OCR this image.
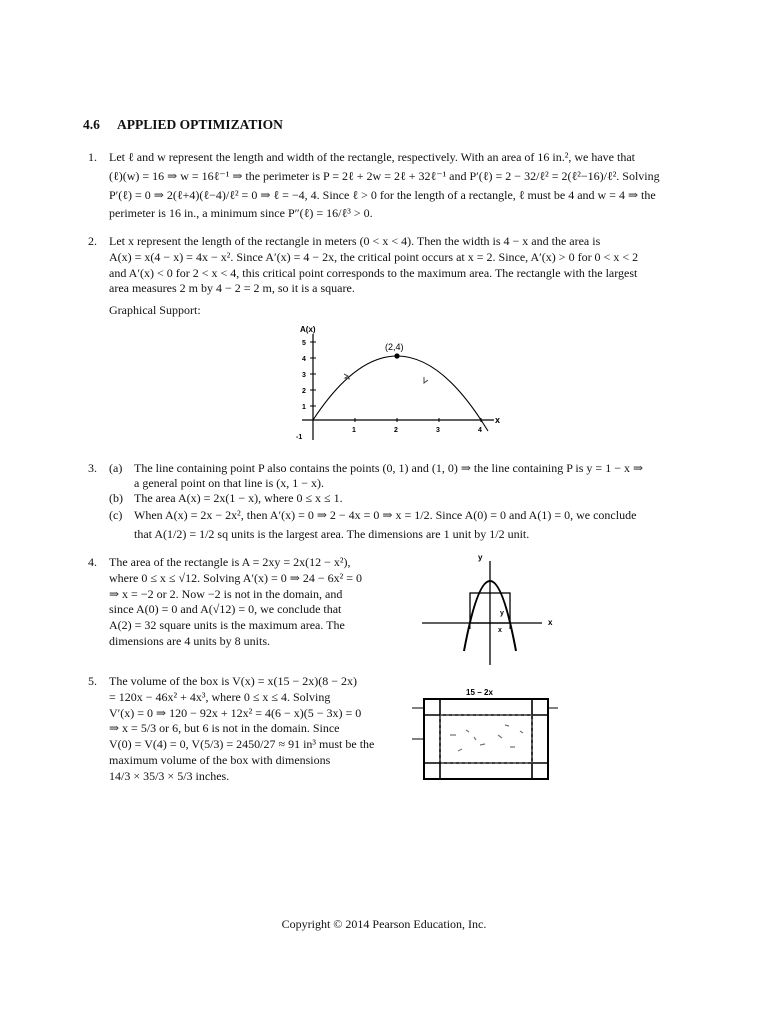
4.6 APPLIED OPTIMIZATION
1. Let ℓ and w represent the length and width of the rectangle, respectively. With an area of 16 in.², we have that
(ℓ)(w) = 16 ⇒ w = 16ℓ⁻¹ ⇒ the perimeter is P = 2ℓ + 2w = 2ℓ + 32ℓ⁻¹ and P′(ℓ) = 2 − 32/ℓ² = 2(ℓ²−16)/ℓ². Solving
P′(ℓ) = 0 ⇒ 2(ℓ+4)(ℓ−4)/ℓ² = 0 ⇒ ℓ = −4, 4. Since ℓ > 0 for the length of a rectangle, ℓ must be 4 and w = 4 ⇒ the
perimeter is 16 in., a minimum since P″(ℓ) = 16/ℓ³ > 0.
2. Let x represent the length of the rectangle in meters (0 < x < 4). Then the width is 4 − x and the area is
A(x) = x(4 − x) = 4x − x². Since A′(x) = 4 − 2x, the critical point occurs at x = 2. Since, A′(x) > 0 for 0 < x < 2
and A′(x) < 0 for 2 < x < 4, this critical point corresponds to the maximum area. The rectangle with the largest
area measures 2 m by 4 − 2 = 2 m, so it is a square.
Graphical Support:
A(x)
x
5
4
3
2
1
-1
1	2	3	4
(2,4)
3. (a) The line containing point P also contains the points (0, 1) and (1, 0) ⇒ the line containing P is y = 1 − x ⇒
a general point on that line is (x, 1 − x).
(b) The area A(x) = 2x(1 − x), where 0 ≤ x ≤ 1.
(c) When A(x) = 2x − 2x², then A′(x) = 0 ⇒ 2 − 4x = 0 ⇒ x = 1/2. Since A(0) = 0 and A(1) = 0, we conclude
that A(1/2) = 1/2 sq units is the largest area. The dimensions are 1 unit by 1/2 unit.
4. The area of the rectangle is A = 2xy = 2x(12 − x²),
where 0 ≤ x ≤ √12. Solving A′(x) = 0 ⇒ 24 − 6x² = 0
⇒ x = −2 or 2. Now −2 is not in the domain, and
since A(0) = 0 and A(√12) = 0, we conclude that
A(2) = 32 square units is the maximum area. The
dimensions are 4 units by 8 units.
y
x
y
x
5. The volume of the box is V(x) = x(15 − 2x)(8 − 2x)
= 120x − 46x² + 4x³, where 0 ≤ x ≤ 4. Solving
V′(x) = 0 ⇒ 120 − 92x + 12x² = 4(6 − x)(5 − 3x) = 0
⇒ x = 5/3 or 6, but 6 is not in the domain. Since
V(0) = V(4) = 0, V(5/3) = 2450/27 ≈ 91 in³ must be the
maximum volume of the box with dimensions
14/3 × 35/3 × 5/3 inches.
15 − 2x
Copyright © 2014 Pearson Education, Inc.
